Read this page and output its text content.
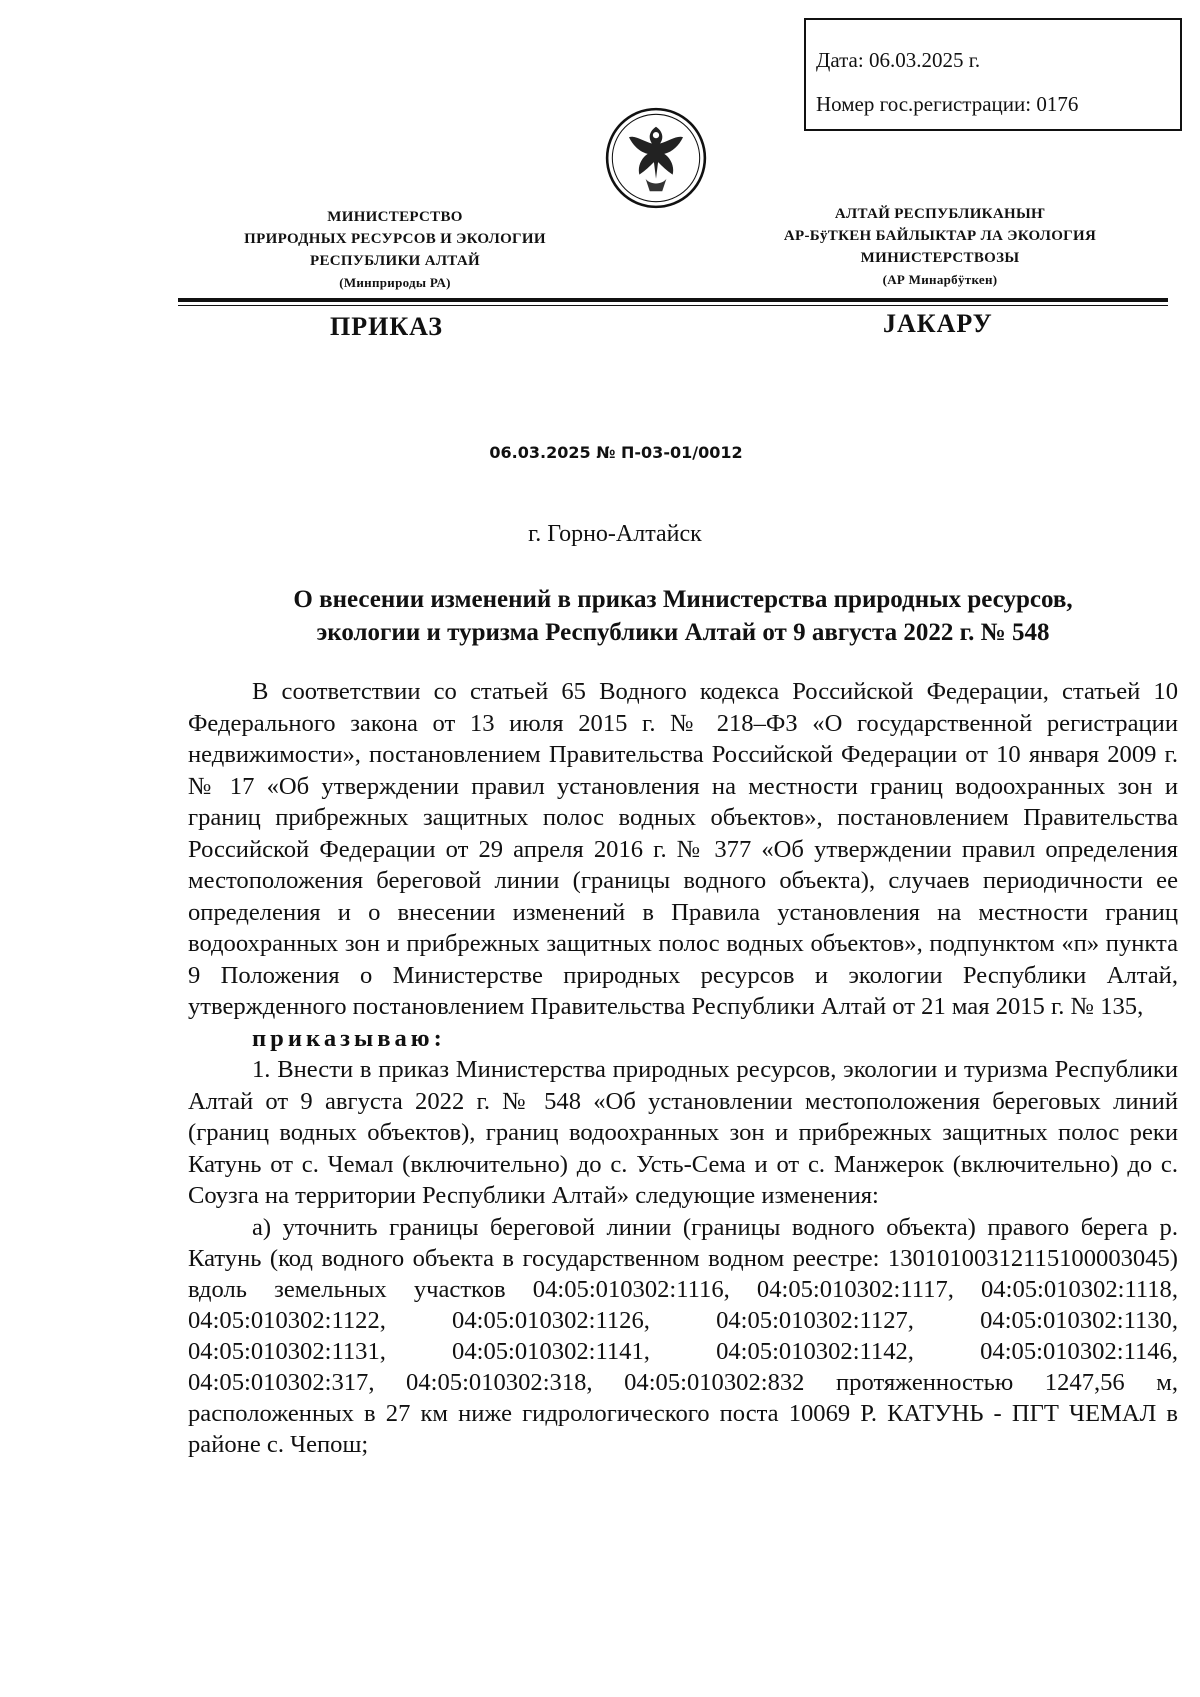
Дата: 06.03.2025 г.
Номер гос.регистрации: 0176
МИНИСТЕРСТВО
ПРИРОДНЫХ РЕСУРСОВ И ЭКОЛОГИИ
РЕСПУБЛИКИ АЛТАЙ
(Минприроды РА)
АЛТАЙ РЕСПУБЛИКАНЫҤ
АР-БÿТКЕН БАЙЛЫКТАР ЛА ЭКОЛОГИЯ
МИНИСТЕРСТВОЗЫ
(АР Минарбÿткен)
ПРИКАЗ	JАКАРУ
06.03.2025 № П-03-01/0012
г. Горно-Алтайск
О внесении изменений в приказ Министерства природных ресурсов,
экологии и туризма Республики Алтай от 9 августа 2022 г. № 548

В соответствии со статьей 65 Водного кодекса Российской Федерации, статьей 10 Федерального закона от 13 июля 2015 г. № 218–ФЗ «О государственной регистрации недвижимости», постановлением Правительства Российской Федерации от 10 января 2009 г. № 17 «Об утверждении правил установления на местности границ водоохранных зон и границ прибрежных защитных полос водных объектов», постановлением Правительства Российской Федерации от 29 апреля 2016 г. № 377 «Об утверждении правил определения местоположения береговой линии (границы водного объекта), случаев периодичности ее определения и о внесении изменений в Правила установления на местности границ водоохранных зон и прибрежных защитных полос водных объектов», подпунктом «п» пункта 9 Положения о Министерстве природных ресурсов и экологии Республики Алтай, утвержденного постановлением Правительства Республики Алтай от 21 мая 2015 г. № 135,

приказываю:

1. Внести в приказ Министерства природных ресурсов, экологии и туризма Республики Алтай от 9 августа 2022 г. № 548 «Об установлении местоположения береговых линий (границ водных объектов), границ водоохранных зон и прибрежных защитных полос реки Катунь от с. Чемал (включительно) до с. Усть-Сема и от с. Манжерок (включительно) до с. Соузга на территории Республики Алтай» следующие изменения:

а) уточнить границы береговой линии (границы водного объекта) правого берега р. Катунь (код водного объекта в государственном водном реестре: 13010100312115100003045) вдоль земельных участков 04:05:010302:1116, 04:05:010302:1117, 04:05:010302:1118, 04:05:010302:1122, 04:05:010302:1126, 04:05:010302:1127, 04:05:010302:1130, 04:05:010302:1131, 04:05:010302:1141, 04:05:010302:1142, 04:05:010302:1146, 04:05:010302:317, 04:05:010302:318, 04:05:010302:832 протяженностью 1247,56 м, расположенных в 27 км ниже гидрологического поста 10069 Р. КАТУНЬ - ПГТ ЧЕМАЛ в районе с. Чепош;
